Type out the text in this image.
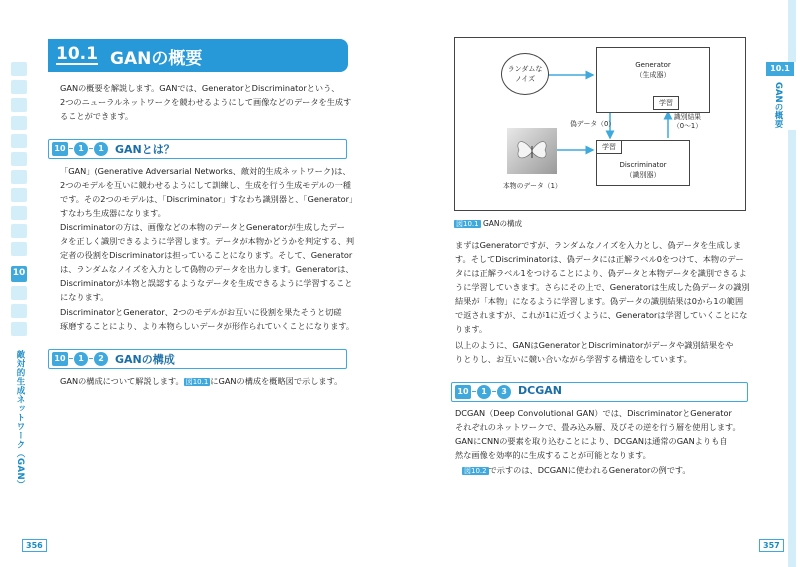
10
敵対的生成ネットワーク（GAN）
356
10.1 GANの概要
GANの概要を解説します。GANでは、GeneratorとDiscriminatorという、
2つのニューラルネットワークを競わせるようにして画像などのデータを生成す
ることができます。
10	1	1	GANとは？
「GAN」(Generative Adversarial Networks、敵対的生成ネットワーク)は、
2つのモデルを互いに競わせるようにして訓練し、生成を行う生成モデルの一種
です。その2つのモデルは、「Discriminator」すなわち識別器と、「Generator」
すなわち生成器になります。
Discriminatorの方は、画像などの本物のデータとGeneratorが生成したデー
タを正しく識別できるように学習します。データが本物かどうかを判定する、判
定者の役割をDiscriminatorは担っていることになります。そして、Generator
は、ランダムなノイズを入力として偽物のデータを出力します。Generatorは、
Discriminatorが本物と誤認するようなデータを生成できるように学習すること
になります。
DiscriminatorとGenerator、2つのモデルがお互いに役割を果たそうと切磋
琢磨することにより、より本物らしいデータが形作られていくことになります。
10	1	2	GANの構成
GANの構成について解説します。 図10.1 にGANの構成を概略図で示します。
10.1
GANの概要
357
ランダムな
ノイズ
Generator
（生成器）
学習
偽データ（0）
識別結果
（0〜1）
Discriminator
（識別器）
学習
本物のデータ（1）
図10.1 GANの構成
まずはGeneratorですが、ランダムなノイズを入力とし、偽データを生成しま
す。そしてDiscriminatorは、偽データには正解ラベル0をつけて、本物のデー
タには正解ラベル1をつけることにより、偽データと本物データを識別できるよ
うに学習していきます。さらにその上で、Generatorは生成した偽データの識別
結果が「本物」になるように学習します。偽データの識別結果は0から1の範囲
で返されますが、これが1に近づくように、Generatorは学習していくことにな
ります。
以上のように、GANはGeneratorとDiscriminatorがデータや識別結果をや
りとりし、お互いに競い合いながら学習する構造をしています。
10	1	3	DCGAN
DCGAN（Deep Convolutional GAN）では、DiscriminatorとGenerator
それぞれのネットワークで、畳み込み層、及びその逆を行う層を使用します。
GANにCNNの要素を取り込むことにより、DCGANは通常のGANよりも自
然な画像を効率的に生成することが可能となります。
図10.2 で示すのは、DCGANに使われるGeneratorの例です。
